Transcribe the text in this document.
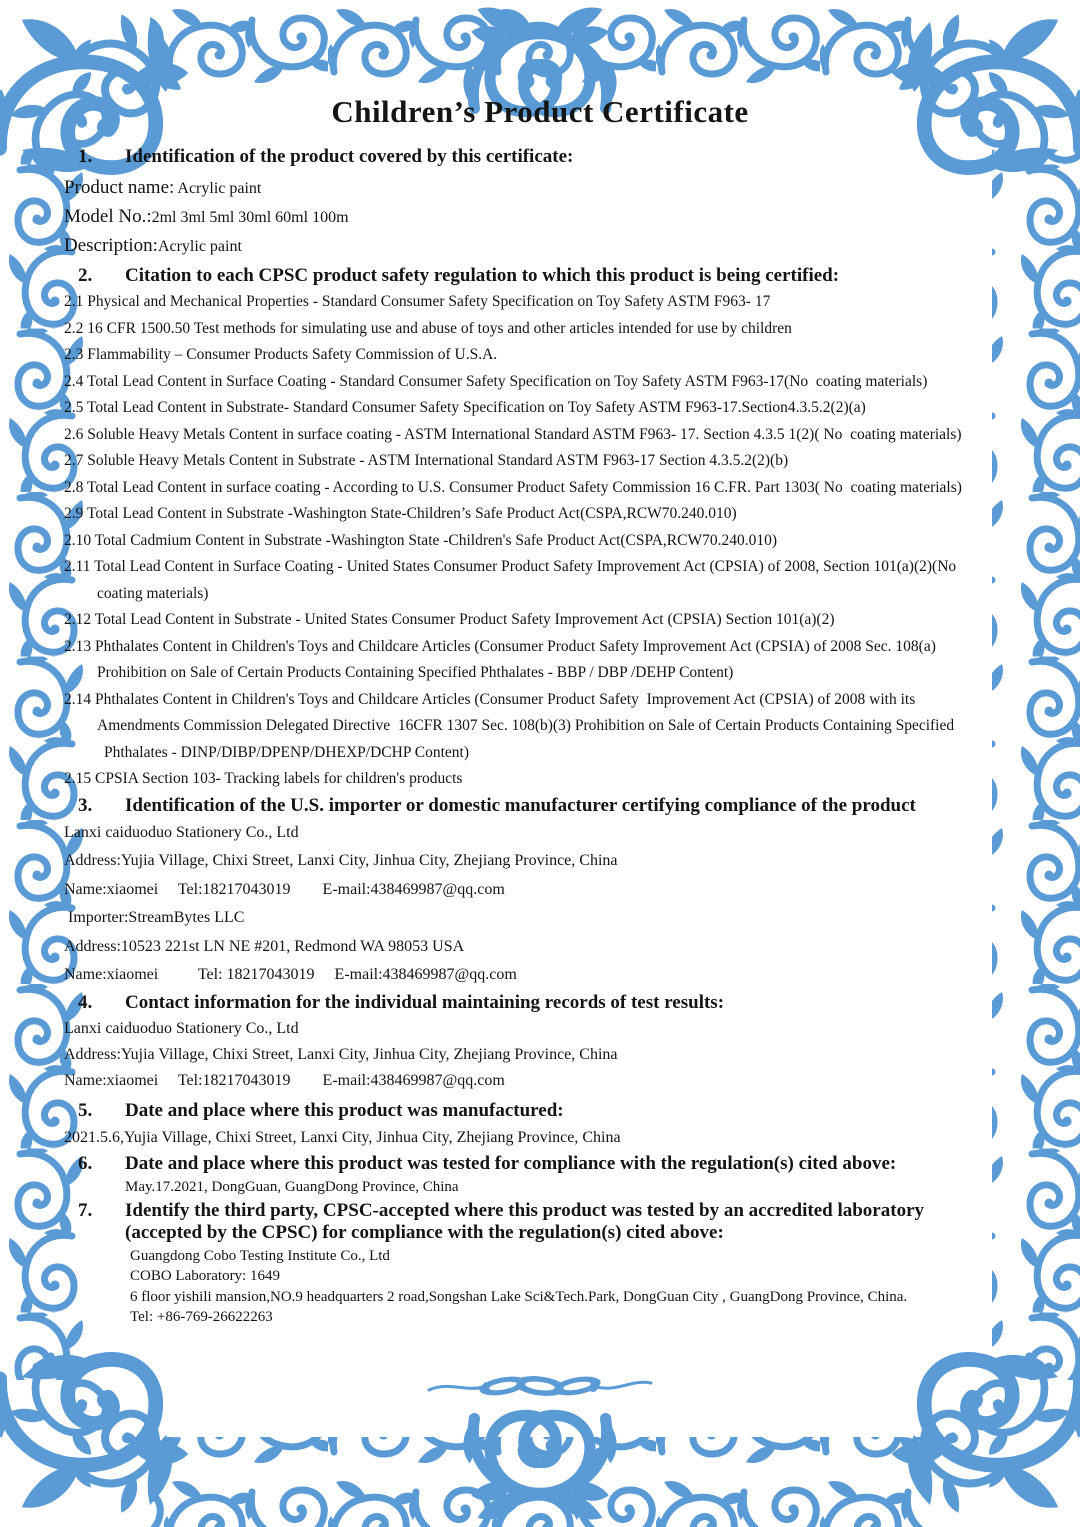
Children’s Product Certificate
1.	Identification of the product covered by this certificate:
Product name: Acrylic paint
Model No.:2ml 3ml 5ml 30ml 60ml 100m
Description:Acrylic paint
2.	Citation to each CPSC product safety regulation to which this product is being certified:
2.1 Physical and Mechanical Properties - Standard Consumer Safety Specification on Toy Safety ASTM F963- 17
2.2 16 CFR 1500.50 Test methods for simulating use and abuse of toys and other articles intended for use by children
2.3 Flammability – Consumer Products Safety Commission of U.S.A.
2.4 Total Lead Content in Surface Coating - Standard Consumer Safety Specification on Toy Safety ASTM F963-17(No  coating materials)
2.5 Total Lead Content in Substrate- Standard Consumer Safety Specification on Toy Safety ASTM F963-17.Section4.3.5.2(2)(a)
2.6 Soluble Heavy Metals Content in surface coating - ASTM International Standard ASTM F963- 17. Section 4.3.5 1(2)( No  coating materials)
2.7 Soluble Heavy Metals Content in Substrate - ASTM International Standard ASTM F963-17 Section 4.3.5.2(2)(b)
2.8 Total Lead Content in surface coating - According to U.S. Consumer Product Safety Commission 16 C.FR. Part 1303( No  coating materials)
2.9 Total Lead Content in Substrate -Washington State-Children’s Safe Product Act(CSPA,RCW70.240.010)
2.10 Total Cadmium Content in Substrate -Washington State -Children's Safe Product Act(CSPA,RCW70.240.010)
2.11 Total Lead Content in Surface Coating - United States Consumer Product Safety Improvement Act (CPSIA) of 2008, Section 101(a)(2)(No
coating materials)
2.12 Total Lead Content in Substrate - United States Consumer Product Safety Improvement Act (CPSIA) Section 101(a)(2)
2.13 Phthalates Content in Children's Toys and Childcare Articles (Consumer Product Safety Improvement Act (CPSIA) of 2008 Sec. 108(a)
Prohibition on Sale of Certain Products Containing Specified Phthalates - BBP / DBP /DEHP Content)
2.14 Phthalates Content in Children's Toys and Childcare Articles (Consumer Product Safety  Improvement Act (CPSIA) of 2008 with its
Amendments Commission Delegated Directive  16CFR 1307 Sec. 108(b)(3) Prohibition on Sale of Certain Products Containing Specified
Phthalates - DINP/DIBP/DPENP/DHEXP/DCHP Content)
2.15 CPSIA Section 103- Tracking labels for children's products
3.	Identification of the U.S. importer or domestic manufacturer certifying compliance of the product
Lanxi caiduoduo Stationery Co., Ltd
Address:Yujia Village, Chixi Street, Lanxi City, Jinhua City, Zhejiang Province, China
Name:xiaomei     Tel:18217043019        E-mail:438469987@qq.com
Importer:StreamBytes LLC
Address:10523 221st LN NE #201, Redmond WA 98053 USA
Name:xiaomei          Tel: 18217043019     E-mail:438469987@qq.com
4.	Contact information for the individual maintaining records of test results:
Lanxi caiduoduo Stationery Co., Ltd
Address:Yujia Village, Chixi Street, Lanxi City, Jinhua City, Zhejiang Province, China
Name:xiaomei     Tel:18217043019        E-mail:438469987@qq.com
5.	Date and place where this product was manufactured:
2021.5.6,Yujia Village, Chixi Street, Lanxi City, Jinhua City, Zhejiang Province, China
6.	Date and place where this product was tested for compliance with the regulation(s) cited above:
May.17.2021, DongGuan, GuangDong Province, China
7.	Identify the third party, CPSC-accepted where this product was tested by an accredited laboratory
(accepted by the CPSC) for compliance with the regulation(s) cited above:
Guangdong Cobo Testing Institute Co., Ltd
COBO Laboratory: 1649
6 floor yishili mansion,NO.9 headquarters 2 road,Songshan Lake Sci&Tech.Park, DongGuan City , GuangDong Province, China.
Tel: +86-769-26622263
